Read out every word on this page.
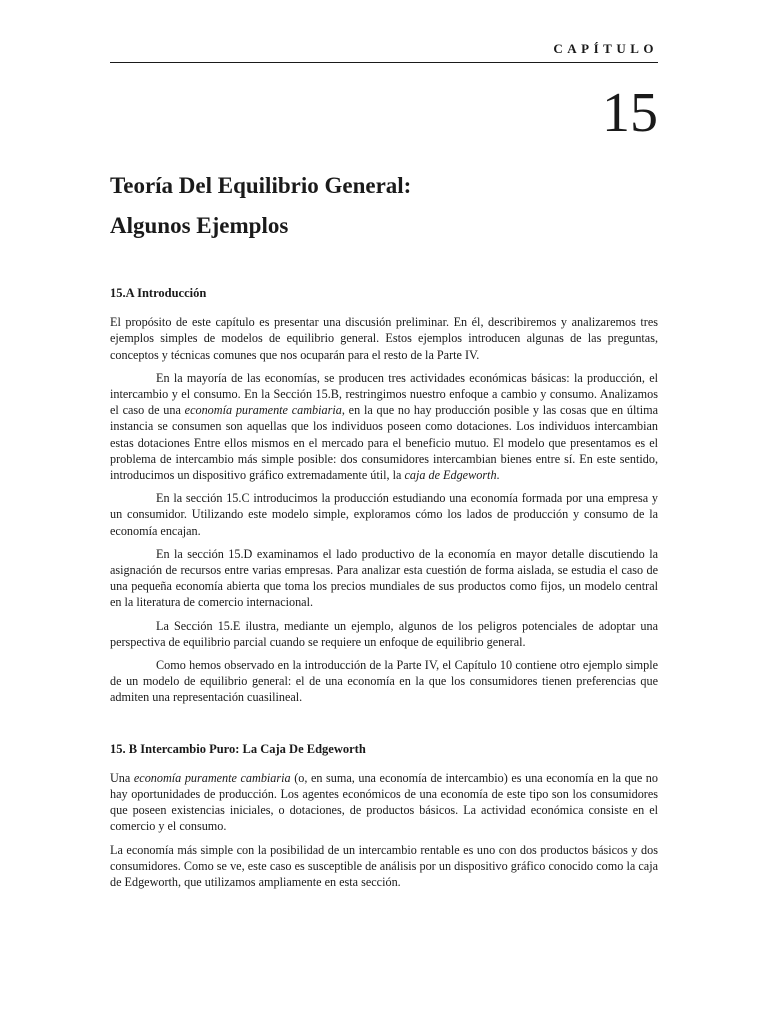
CAPÍTULO
15
Teoría Del Equilibrio General:
Algunos Ejemplos
15.A Introducción

El propósito de este capítulo es presentar una discusión preliminar. En él, describiremos y analizaremos tres ejemplos simples de modelos de equilibrio general. Estos ejemplos introducen algunas de las preguntas, conceptos y técnicas comunes que nos ocuparán para el resto de la Parte IV.

En la mayoría de las economías, se producen tres actividades económicas básicas: la producción, el intercambio y el consumo. En la Sección 15.B, restringimos nuestro enfoque a cambio y consumo. Analizamos el caso de una economía puramente cambiaria, en la que no hay producción posible y las cosas que en última instancia se consumen son aquellas que los individuos poseen como dotaciones. Los individuos intercambian estas dotaciones Entre ellos mismos en el mercado para el beneficio mutuo. El modelo que presentamos es el problema de intercambio más simple posible: dos consumidores intercambian bienes entre sí. En este sentido, introducimos un dispositivo gráfico extremadamente útil, la caja de Edgeworth.

En la sección 15.C introducimos la producción estudiando una economía formada por una empresa y un consumidor. Utilizando este modelo simple, exploramos cómo los lados de producción y consumo de la economía encajan.

En la sección 15.D examinamos el lado productivo de la economía en mayor detalle discutiendo la asignación de recursos entre varias empresas. Para analizar esta cuestión de forma aislada, se estudia el caso de una pequeña economía abierta que toma los precios mundiales de sus productos como fijos, un modelo central en la literatura de comercio internacional.

La Sección 15.E ilustra, mediante un ejemplo, algunos de los peligros potenciales de adoptar una perspectiva de equilibrio parcial cuando se requiere un enfoque de equilibrio general.

Como hemos observado en la introducción de la Parte IV, el Capítulo 10 contiene otro ejemplo simple de un modelo de equilibrio general: el de una economía en la que los consumidores tienen preferencias que admiten una representación cuasilineal.

15. B Intercambio Puro: La Caja De Edgeworth

Una economía puramente cambiaria (o, en suma, una economía de intercambio) es una economía en la que no hay oportunidades de producción. Los agentes económicos de una economía de este tipo son los consumidores que poseen existencias iniciales, o dotaciones, de productos básicos. La actividad económica consiste en el comercio y el consumo.

La economía más simple con la posibilidad de un intercambio rentable es uno con dos productos básicos y dos consumidores. Como se ve, este caso es susceptible de análisis por un dispositivo gráfico conocido como la caja de Edgeworth, que utilizamos ampliamente en esta sección.
